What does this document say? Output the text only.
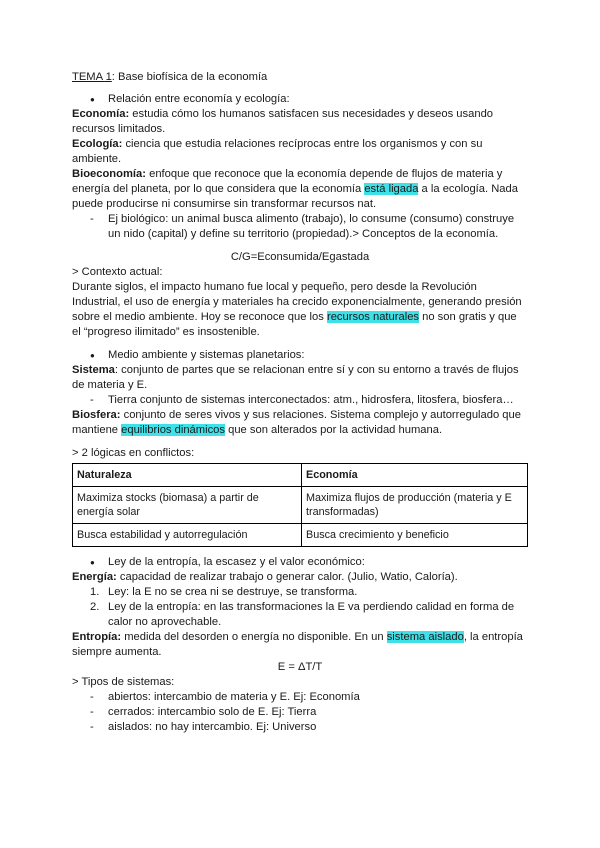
TEMA 1: Base biofísica de la economía

● Relación entre economía y ecología:

Economía: estudia cómo los humanos satisfacen sus necesidades y deseos usando recursos limitados.

Ecología: ciencia que estudia relaciones recíprocas entre los organismos y con su ambiente.

Bioeconomía: enfoque que reconoce que la economía depende de flujos de materia y energía del planeta, por lo que considera que la economía está ligada a la ecología. Nada puede producirse ni consumirse sin transformar recursos nat.

- Ej biológico: un animal busca alimento (trabajo), lo consume (consumo) construye un nido (capital) y define su territorio (propiedad).> Conceptos de la economía.

C/G=Econsumida/Egastada

> Contexto actual:

Durante siglos, el impacto humano fue local y pequeño, pero desde la Revolución Industrial, el uso de energía y materiales ha crecido exponencialmente, generando presión sobre el medio ambiente. Hoy se reconoce que los recursos naturales no son gratis y que el “progreso ilimitado” es insostenible.

● Medio ambiente y sistemas planetarios:

Sistema: conjunto de partes que se relacionan entre sí y con su entorno a través de flujos de materia y E.

- Tierra conjunto de sistemas interconectados: atm., hidrosfera, litosfera, biosfera…

Biosfera: conjunto de seres vivos y sus relaciones. Sistema complejo y autorregulado que mantiene equilibrios dinámicos que son alterados por la actividad humana.

> 2 lógicas en conflictos:

Naturaleza	Economía
Maximiza stocks (biomasa) a partir de energía solar	Maximiza flujos de producción (materia y E transformadas)
Busca estabilidad y autorregulación	Busca crecimiento y beneficio

● Ley de la entropía, la escasez y el valor económico:

Energía: capacidad de realizar trabajo o generar calor. (Julio, Watio, Caloría).

1. Ley: la E no se crea ni se destruye, se transforma.

2. Ley de la entropía: en las transformaciones la E va perdiendo calidad en forma de calor no aprovechable.

Entropía: medida del desorden o energía no disponible. En un sistema aislado, la entropía siempre aumenta.

E = ΔT/T

> Tipos de sistemas:

- abiertos: intercambio de materia y E. Ej: Economía

- cerrados: intercambio solo de E. Ej: Tierra

- aislados: no hay intercambio. Ej: Universo
